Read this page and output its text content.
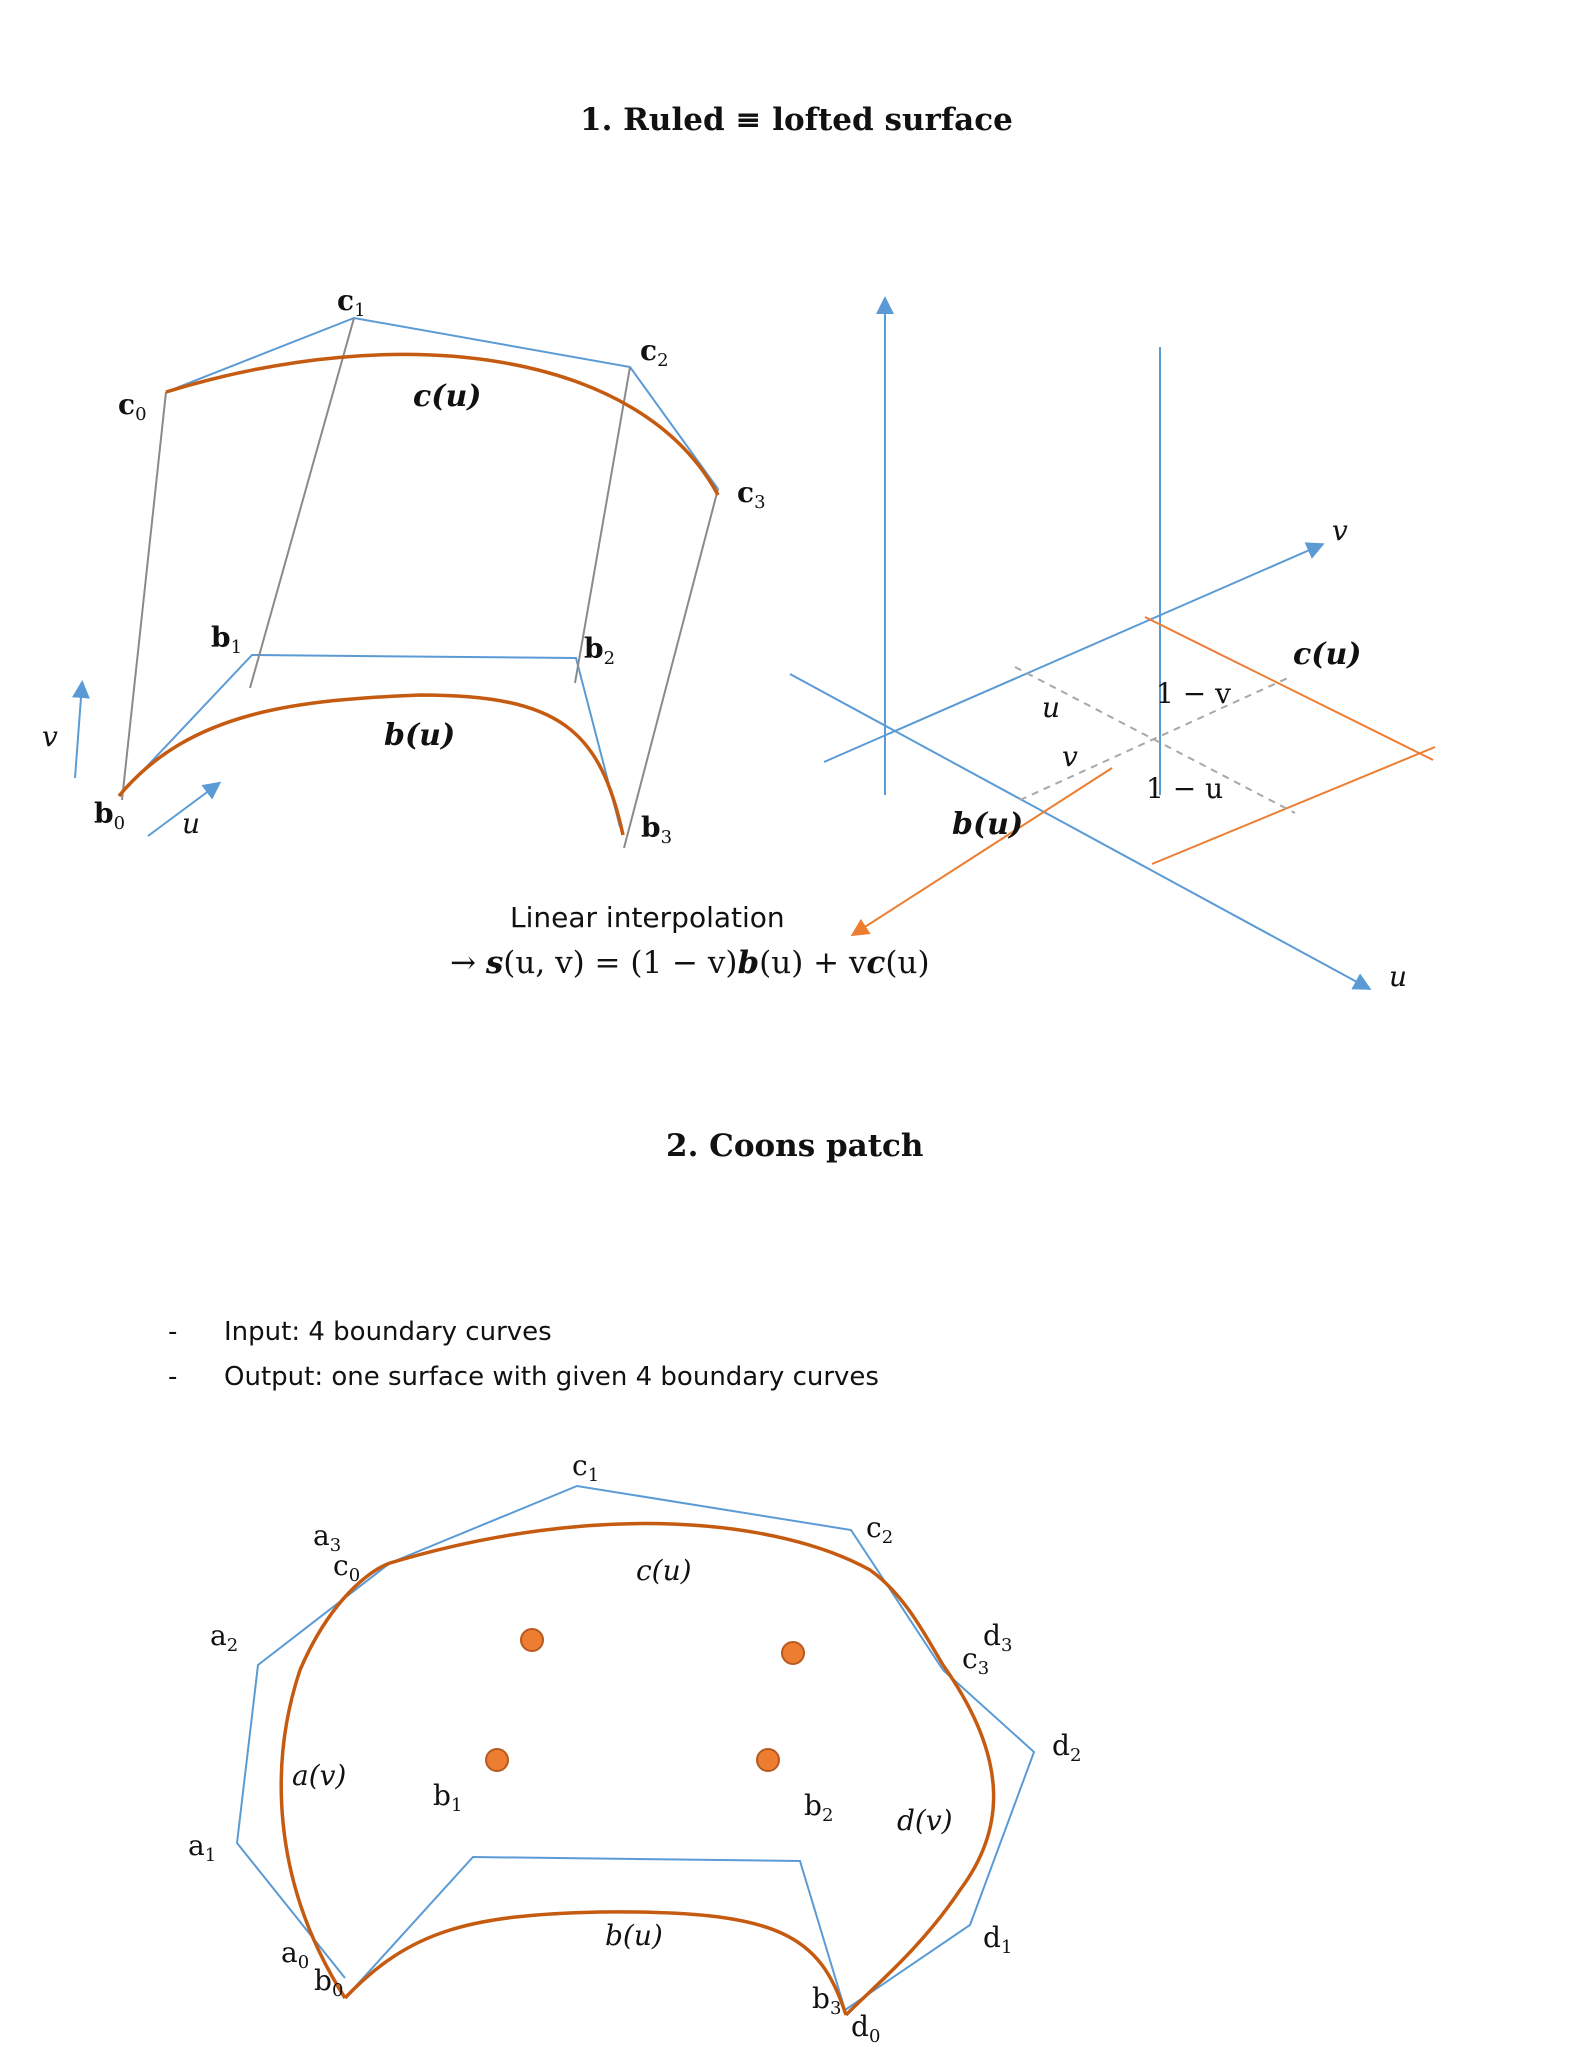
1. Ruled ≡ lofted surface
c1
c0
c2
c3
b1	b2
b0	b3
c(u)
b(u)
v
u
v
u
c(u)
b(u)
u
v
1 − v
1 − u
Linear interpolation
→ s(u, v) = (1 − v)b(u) + vc(u)
2. Coons patch
- Input: 4 boundary curves
- Output: one surface with given 4 boundary curves
c1
c2
a3
c0
a2	d3
c3
d2
b1	b2
a1
d1
a0
b0	b3
d0
c(u)
a(v)
d(v)
b(u)
